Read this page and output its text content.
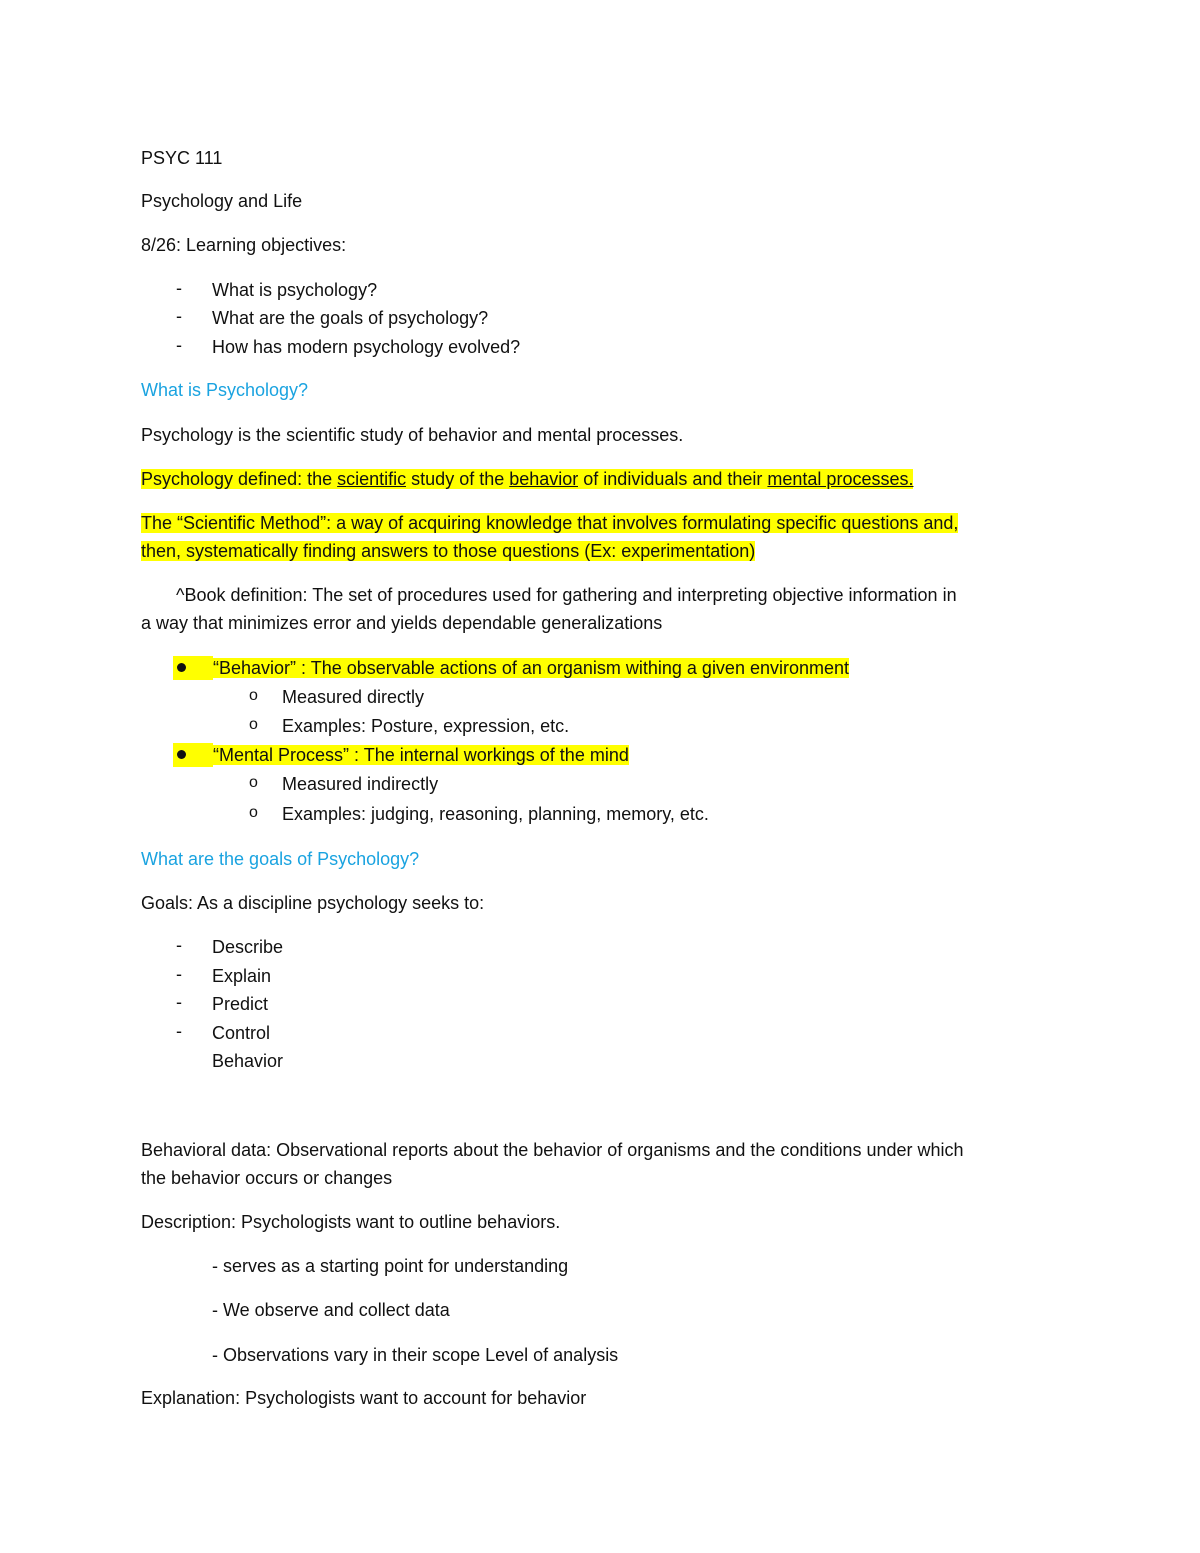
PSYC 111
Psychology and Life
8/26: Learning objectives:
- What is psychology?
- What are the goals of psychology?
- How has modern psychology evolved?
What is Psychology?
Psychology is the scientific study of behavior and mental processes.
Psychology defined: the scientific study of the behavior of individuals and their mental processes.
The “Scientific Method”: a way of acquiring knowledge that involves formulating specific questions and,
then, systematically finding answers to those questions (Ex: experimentation)
^Book definition: The set of procedures used for gathering and interpreting objective information in
a way that minimizes error and yields dependable generalizations
“Behavior” : The observable actions of an organism withing a given environment
o Measured directly
o Examples: Posture, expression, etc.
“Mental Process” : The internal workings of the mind
o Measured indirectly
o Examples: judging, reasoning, planning, memory, etc.
What are the goals of Psychology?
Goals: As a discipline psychology seeks to:
- Describe
- Explain
- Predict
- Control
Behavior
Behavioral data: Observational reports about the behavior of organisms and the conditions under which
the behavior occurs or changes
Description: Psychologists want to outline behaviors.
- serves as a starting point for understanding
- We observe and collect data
- Observations vary in their scope Level of analysis
Explanation: Psychologists want to account for behavior
